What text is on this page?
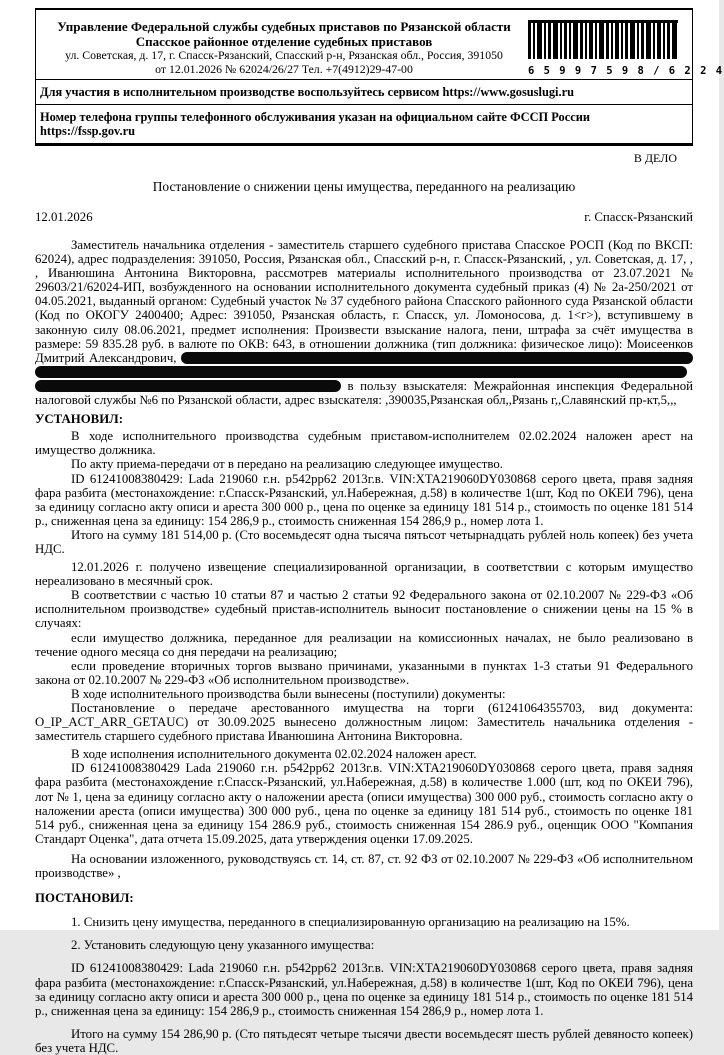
Управление Федеральной службы судебных приставов по Рязанской области
Спасское районное отделение судебных приставов
ул. Советская, д. 17, г. Спасск-Рязанский, Спасский р-н, Рязанская обл., Россия, 391050
от 12.01.2026 № 62024/26/27 Тел. +7(4912)29-47-00	6 5 9 9 7 5 9 8 / 6 2 2 4
Для участия в исполнительном производстве воспользуйтесь сервисом https://www.gosuslugi.ru
Номер телефона группы телефонного обслуживания указан на официальном сайте ФССП России https://fssp.gov.ru
В ДЕЛО
Постановление о снижении цены имущества, переданного на реализацию
12.01.2026	г. Спасск-Рязанский

Заместитель начальника отделения - заместитель старшего судебного пристава Спасское РОСП (Код по ВКСП: 62024), адрес подразделения: 391050, Россия, Рязанская обл., Спасский р-н, г. Спасск-Рязанский, , ул. Советская, д. 17, , , Иванюшина Антонина Викторовна, рассмотрев материалы исполнительного производства от 23.07.2021 № 29603/21/62024-ИП, возбужденного на основании исполнительного документа судебный приказ (4) № 2а-250/2021 от 04.05.2021, выданный органом: Судебный участок № 37 судебного района Спасского районного суда Рязанской области (Код по ОКОГУ 2400400; Адрес: 391050, Рязанская область, г. Спасск, ул. Ломоносова, д. 1<г>), вступившему в законную силу 08.06.2021, предмет исполнения: Произвести взыскание налога, пени, штрафа за счёт имущества в размере: 59 835.28 руб. в валюте по ОКВ: 643, в отношении должника (тип должника: физическое лицо): Моисеенков Дмитрий Александрович,    в пользу взыскателя: Межрайонная инспекция Федеральной налоговой службы №6 по Рязанской области, адрес взыскателя: ,390035,Рязанская обл,,Рязань г,,Славянский пр-кт,5,,,

УСТАНОВИЛ:

В ходе исполнительного производства судебным приставом-исполнителем 02.02.2024 наложен арест на имущество должника.

По акту приема-передачи от в передано на реализацию следующее имущество.

ID 61241008380429: Lada 219060 г.н. p542pp62 2013г.в. VIN:XTA219060DY030868 серого цвета, правя задняя фара разбита (местонахождение: г.Спасск-Рязанский, ул.Набережная, д.58) в количестве 1(шт, Код по ОКЕИ 796), цена за единицу согласно акту описи и ареста 300 000 р., цена по оценке за единицу 181 514 р., стоимость по оценке 181 514 р., сниженная цена за единицу: 154 286,9 р., стоимость сниженная 154 286,9 р., номер лота 1.

Итого на сумму 181 514,00 р. (Сто восемьдесят одна тысяча пятьсот четырнадцать рублей ноль копеек) без учета НДС.

12.01.2026 г. получено извещение специализированной организации, в соответствии с которым имущество нереализовано в месячный срок.

В соответствии с частью 10 статьи 87 и частью 2 статьи 92 Федерального закона от 02.10.2007 № 229-ФЗ «Об исполнительном производстве» судебный пристав-исполнитель выносит постановление о снижении цены на 15 % в случаях:

если имущество должника, переданное для реализации на комиссионных началах, не было реализовано в течение одного месяца со дня передачи на реализацию;

если проведение вторичных торгов вызвано причинами, указанными в пунктах 1-3 статьи 91 Федерального закона от 02.10.2007 № 229-ФЗ «Об исполнительном производстве».

В ходе исполнительного производства были вынесены (поступили) документы:

Постановление о передаче арестованного имущества на торги (61241064355703, вид документа: O_IP_ACT_ARR_GETAUC) от 30.09.2025 вынесено должностным лицом: Заместитель начальника отделения - заместитель старшего судебного пристава Иванюшина Антонина Викторовна.

В ходе исполнения исполнительного документа 02.02.2024 наложен арест.

ID 61241008380429 Lada 219060 г.н. p542pp62 2013г.в. VIN:XTA219060DY030868 серого цвета, правя задняя фара разбита (местонахождение г.Спасск-Рязанский, ул.Набережная, д.58) в количестве 1.000 (шт, код по ОКЕИ 796), лот № 1, цена за единицу согласно акту о наложении ареста (описи имущества) 300 000 руб., стоимость согласно акту о наложении ареста (описи имущества) 300 000 руб., цена по оценке за единицу 181 514 руб., стоимость по оценке 181 514 руб., сниженная цена за единицу 154 286.9 руб., стоимость сниженная 154 286.9 руб., оценщик ООО "Компания Стандарт Оценка", дата отчета 15.09.2025, дата утверждения оценки 17.09.2025.

На основании изложенного, руководствуясь ст. 14, ст. 87, ст. 92 ФЗ от 02.10.2007 № 229-ФЗ «Об исполнительном производстве» ,

ПОСТАНОВИЛ:

1. Снизить цену имущества, переданного в специализированную организацию на реализацию на 15%.

2. Установить следующую цену указанного имущества:

ID 61241008380429: Lada 219060 г.н. p542pp62 2013г.в. VIN:XTA219060DY030868 серого цвета, правя задняя фара разбита (местонахождение: г.Спасск-Рязанский, ул.Набережная, д.58) в количестве 1(шт, Код по ОКЕИ 796), цена за единицу согласно акту описи и ареста 300 000 р., цена по оценке за единицу 181 514 р., стоимость по оценке 181 514 р., сниженная цена за единицу: 154 286,9 р., стоимость сниженная 154 286,9 р., номер лота 1.

Итого на сумму 154 286,90 р. (Сто пятьдесят четыре тысячи двести восемьдесят шесть рублей девяносто копеек) без учета НДС.
